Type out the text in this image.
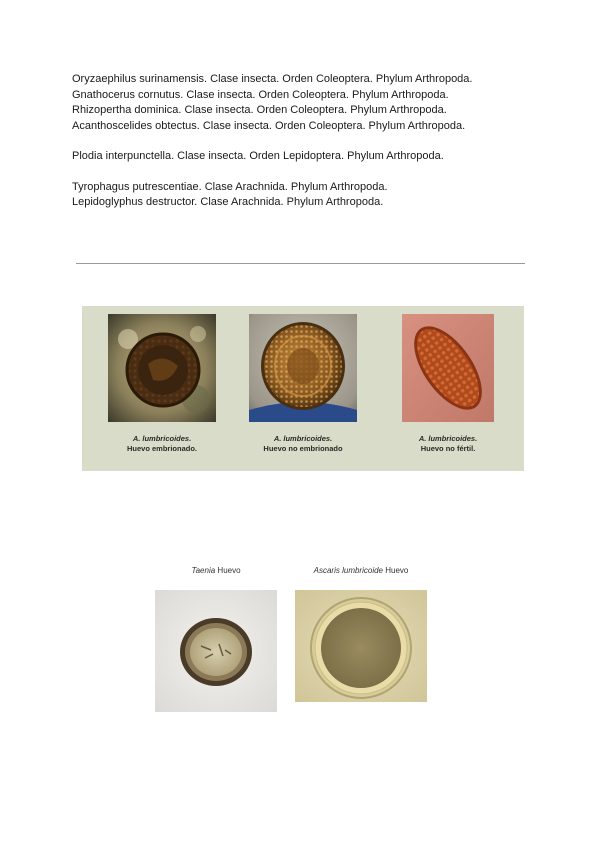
Oryzaephilus surinamensis. Clase insecta. Orden Coleoptera. Phylum Arthropoda.

Gnathocerus cornutus. Clase insecta. Orden Coleoptera. Phylum Arthropoda.

Rhizopertha dominica. Clase insecta. Orden Coleoptera. Phylum Arthropoda.

Acanthoscelides obtectus. Clase insecta. Orden Coleoptera. Phylum Arthropoda.

Plodia interpunctella. Clase insecta. Orden Lepidoptera. Phylum Arthropoda.

Tyrophagus putrescentiae. Clase Arachnida. Phylum Arthropoda.

Lepidoglyphus destructor. Clase Arachnida. Phylum Arthropoda.

A. lumbricoides.
Huevo embrionado.
A. lumbricoides.
Huevo no embrionado
A. lumbricoides.
Huevo no fértil.
Taenia Huevo	Ascaris lumbricoide Huevo
